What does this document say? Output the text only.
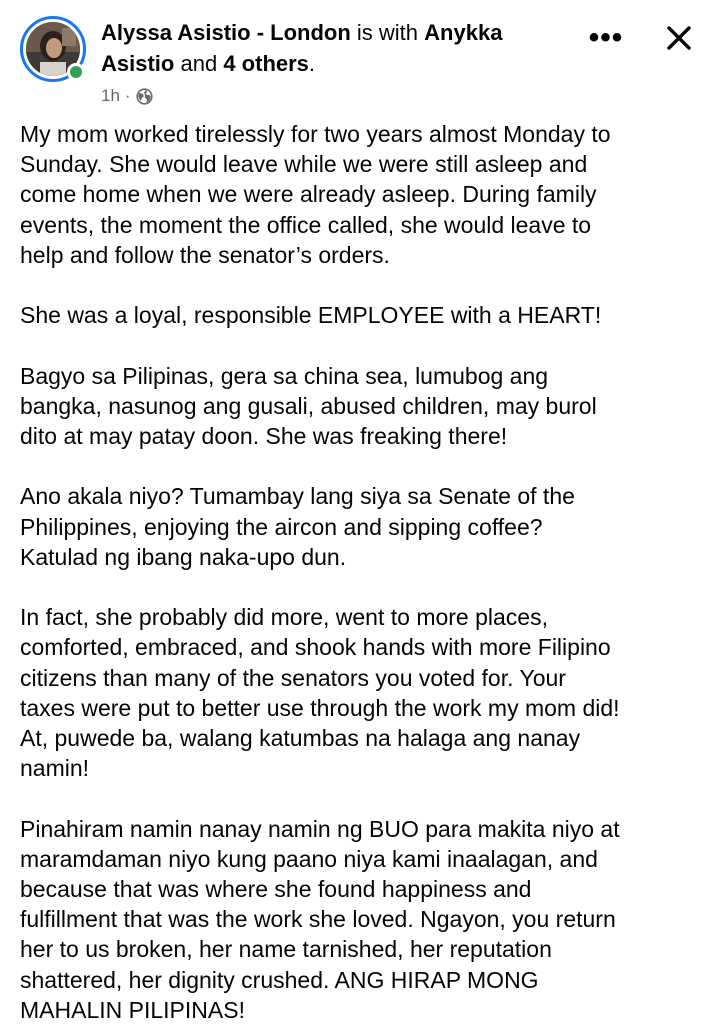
Alyssa Asistio - London is with Anykka
Asistio and 4 others.
1h ·
•••

My mom worked tirelessly for two years almost Monday to
Sunday. She would leave while we were still asleep and
come home when we were already asleep. During family
events, the moment the office called, she would leave to
help and follow the senator’s orders.

She was a loyal, responsible EMPLOYEE with a HEART!

Bagyo sa Pilipinas, gera sa china sea, lumubog ang
bangka, nasunog ang gusali, abused children, may burol
dito at may patay doon. She was freaking there!

Ano akala niyo? Tumambay lang siya sa Senate of the
Philippines, enjoying the aircon and sipping coffee?
Katulad ng ibang naka-upo dun.

In fact, she probably did more, went to more places,
comforted, embraced, and shook hands with more Filipino
citizens than many of the senators you voted for. Your
taxes were put to better use through the work my mom did!
At, puwede ba, walang katumbas na halaga ang nanay
namin!

Pinahiram namin nanay namin ng BUO para makita niyo at
maramdaman niyo kung paano niya kami inaalagan, and
because that was where she found happiness and
fulfillment that was the work she loved. Ngayon, you return
her to us broken, her name tarnished, her reputation
shattered, her dignity crushed. ANG HIRAP MONG
MAHALIN PILIPINAS!
